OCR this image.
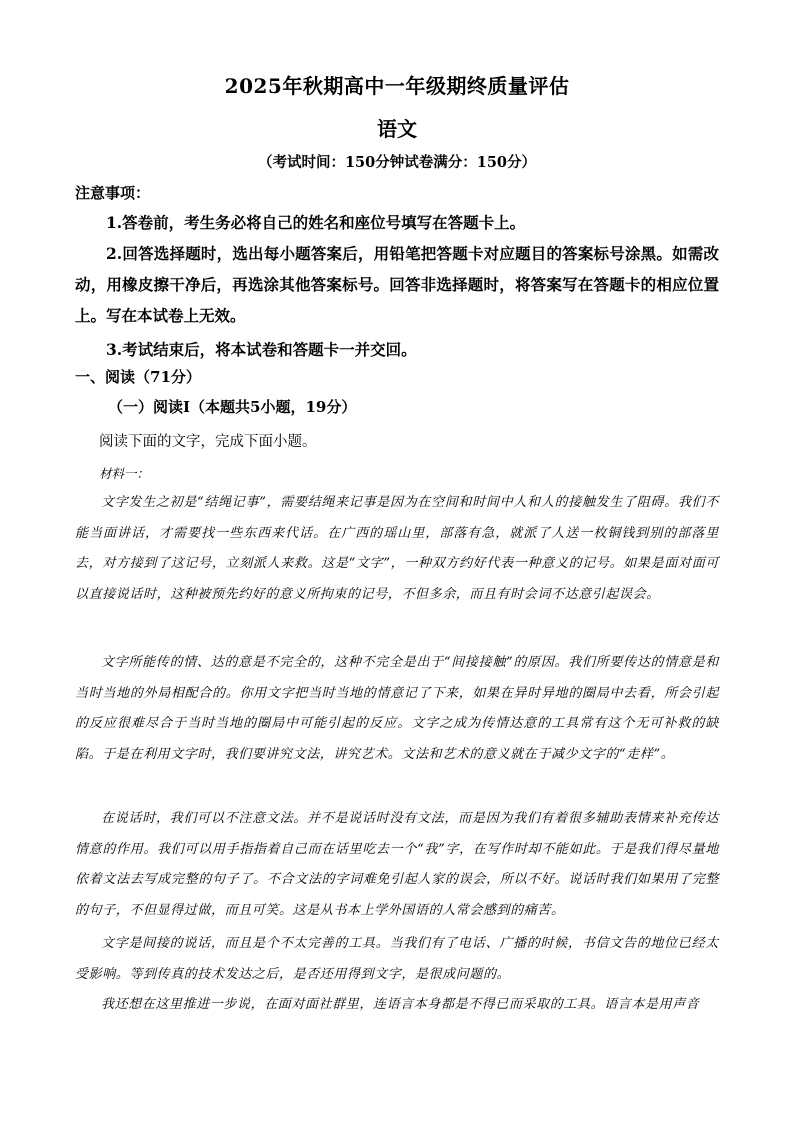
2025年秋期高中一年级期终质量评估
语文
（考试时间：150分钟试卷满分：150分）
注意事项：

1.答卷前，考生务必将自己的姓名和座位号填写在答题卡上。

2.回答选择题时，选出每小题答案后，用铅笔把答题卡对应题目的答案标号涂黑。如需改动，用橡皮擦干净后，再选涂其他答案标号。回答非选择题时，将答案写在答题卡的相应位置上。写在本试卷上无效。

3.考试结束后，将本试卷和答题卡一并交回。

一、阅读（71分）
（一）阅读Ⅰ（本题共5小题，19分）
阅读下面的文字，完成下面小题。
材料一：

文字发生之初是“结绳记事”，需要结绳来记事是因为在空间和时间中人和人的接触发生了阻碍。我们不能当面讲话，才需要找一些东西来代话。在广西的瑶山里，部落有急，就派了人送一枚铜钱到别的部落里去，对方接到了这记号，立刻派人来救。这是“文字”，一种双方约好代表一种意义的记号。如果是面对面可以直接说话时，这种被预先约好的意义所拘束的记号，不但多余，而且有时会词不达意引起误会。

文字所能传的情、达的意是不完全的，这种不完全是出于“间接接触”的原因。我们所要传达的情意是和当时当地的外局相配合的。你用文字把当时当地的情意记了下来，如果在异时异地的圈局中去看，所会引起的反应很难尽合于当时当地的圈局中可能引起的反应。文字之成为传情达意的工具常有这个无可补救的缺陷。于是在利用文字时，我们要讲究文法，讲究艺术。文法和艺术的意义就在于减少文字的“走样”。

在说话时，我们可以不注意文法。并不是说话时没有文法，而是因为我们有着很多辅助表情来补充传达情意的作用。我们可以用手指指着自己而在话里吃去一个“我”字，在写作时却不能如此。于是我们得尽量地依着文法去写成完整的句子了。不合文法的字词难免引起人家的误会，所以不好。说话时我们如果用了完整的句子，不但显得过做，而且可笑。这是从书本上学外国语的人常会感到的痛苦。

文字是间接的说话，而且是个不太完善的工具。当我们有了电话、广播的时候，书信文告的地位已经太受影响。等到传真的技术发达之后，是否还用得到文字，是很成问题的。

我还想在这里推进一步说，在面对面社群里，连语言本身都是不得已而采取的工具。语言本是用声音
